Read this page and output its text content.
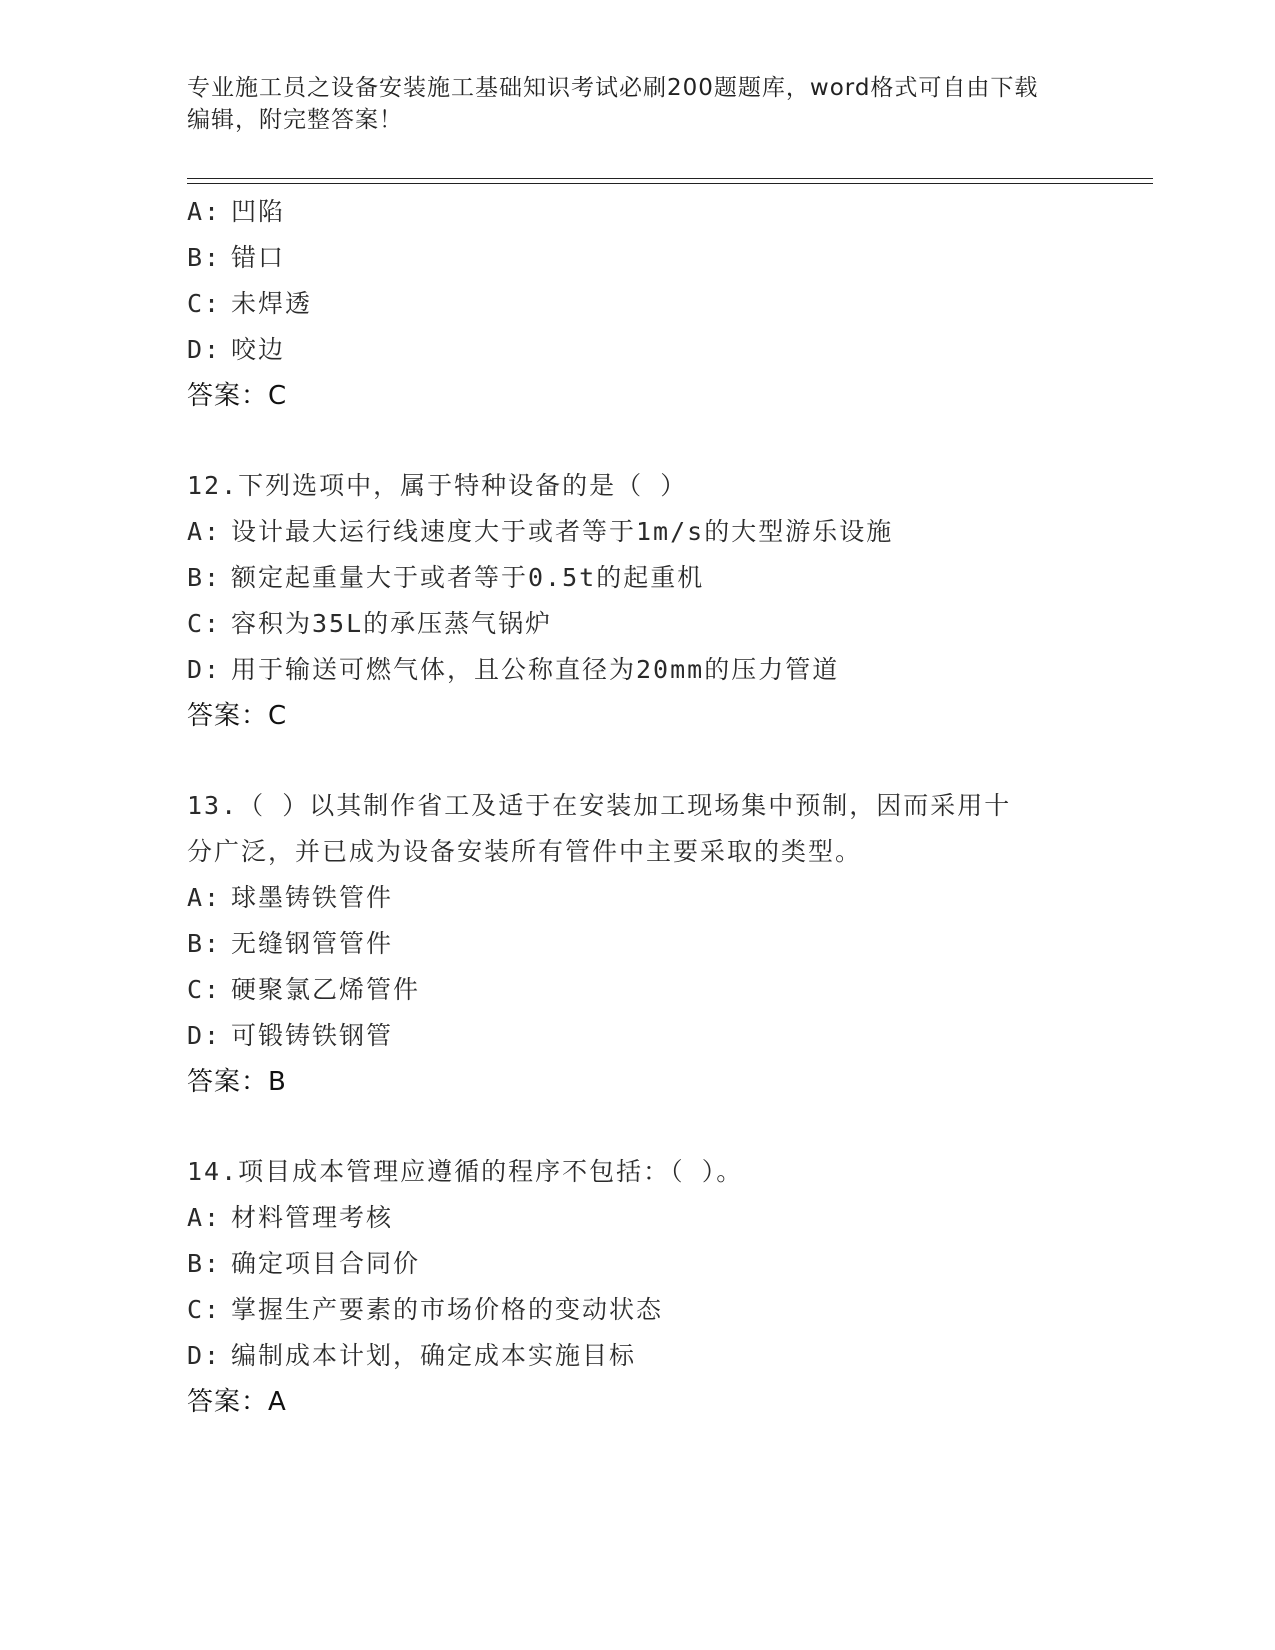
专业施工员之设备安装施工基础知识考试必刷200题题库，word格式可自由下载
编辑，附完整答案！
A: 凹陷
B: 错口
C: 未焊透
D: 咬边
答案：C
12.下列选项中，属于特种设备的是（ ）
A: 设计最大运行线速度大于或者等于1m/s的大型游乐设施
B: 额定起重量大于或者等于0.5t的起重机
C: 容积为35L的承压蒸气锅炉
D: 用于输送可燃气体，且公称直径为20mm的压力管道
答案：C
13.（ ）以其制作省工及适于在安装加工现场集中预制，因而采用十
分广泛，并已成为设备安装所有管件中主要采取的类型。
A: 球墨铸铁管件
B: 无缝钢管管件
C: 硬聚氯乙烯管件
D: 可锻铸铁钢管
答案：B
14.项目成本管理应遵循的程序不包括：（ ）。
A: 材料管理考核
B: 确定项目合同价
C: 掌握生产要素的市场价格的变动状态
D: 编制成本计划，确定成本实施目标
答案：A
